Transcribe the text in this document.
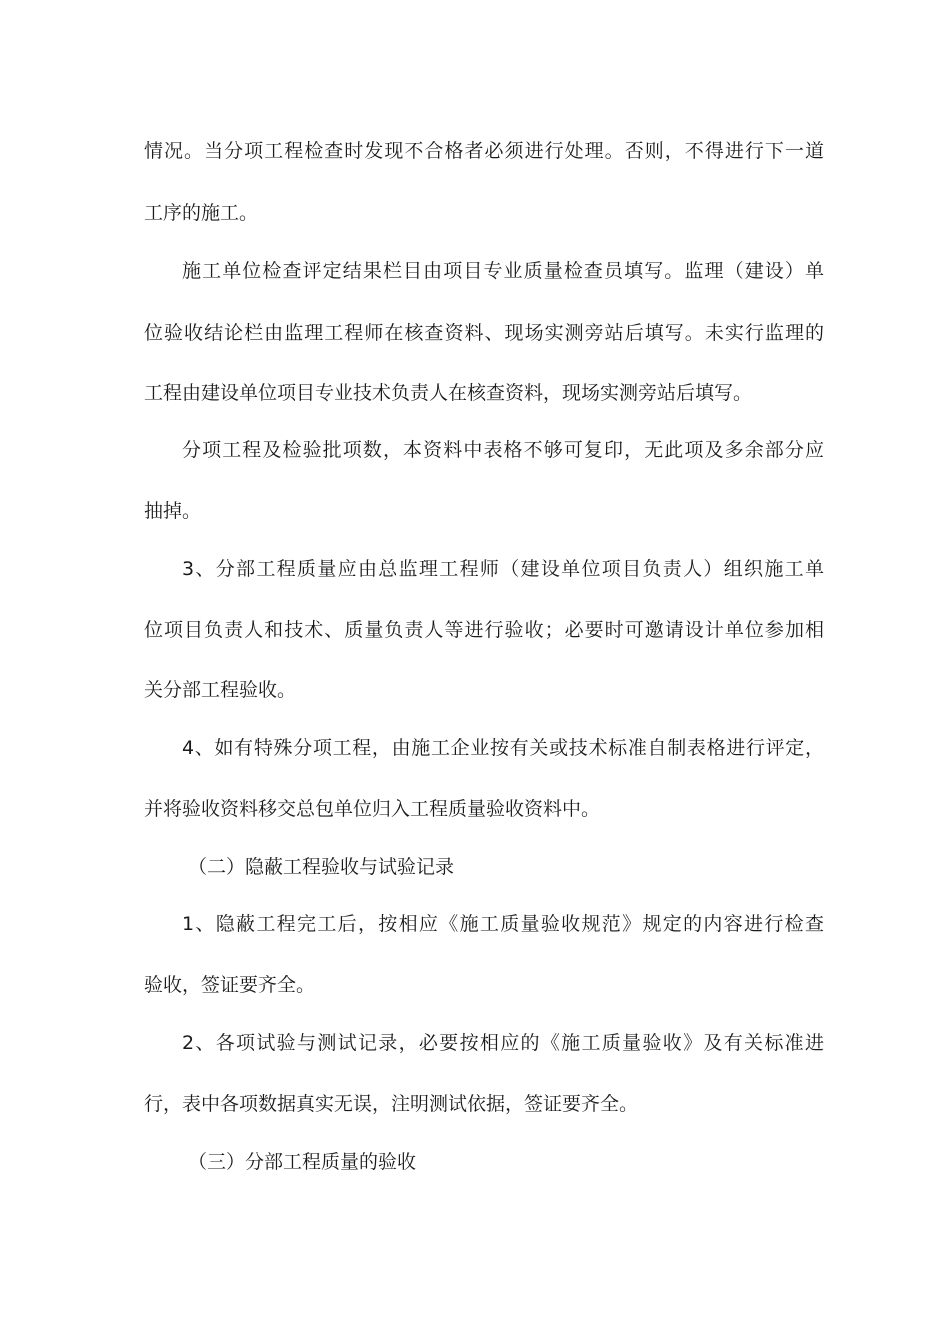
情况。当分项工程检查时发现不合格者必须进行处理。否则，不得进行下一道
工序的施工。
施工单位检查评定结果栏目由项目专业质量检查员填写。监理（建设）单
位验收结论栏由监理工程师在核查资料、现场实测旁站后填写。未实行监理的
工程由建设单位项目专业技术负责人在核查资料，现场实测旁站后填写。
分项工程及检验批项数，本资料中表格不够可复印，无此项及多余部分应
抽掉。
3、分部工程质量应由总监理工程师（建设单位项目负责人）组织施工单
位项目负责人和技术、质量负责人等进行验收；必要时可邀请设计单位参加相
关分部工程验收。
4、如有特殊分项工程，由施工企业按有关或技术标准自制表格进行评定，
并将验收资料移交总包单位归入工程质量验收资料中。
（二）隐蔽工程验收与试验记录
1、隐蔽工程完工后，按相应《施工质量验收规范》规定的内容进行检查
验收，签证要齐全。
2、各项试验与测试记录，必要按相应的《施工质量验收》及有关标准进
行，表中各项数据真实无误，注明测试依据，签证要齐全。
（三）分部工程质量的验收
